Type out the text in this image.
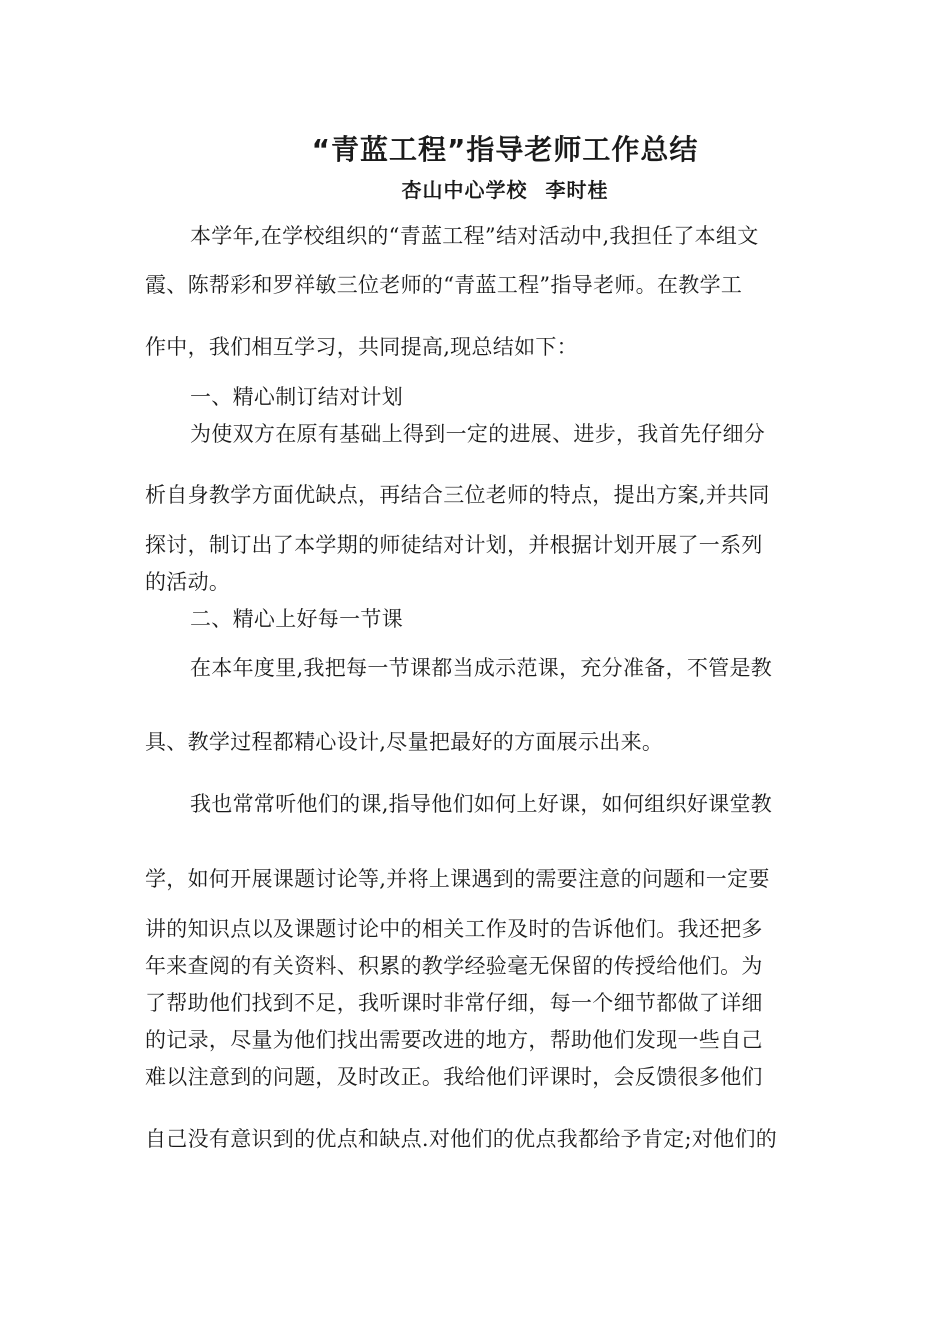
“青蓝工程”指导老师工作总结
杏山中心学校 李时桂
本学年,在学校组织的“青蓝工程”结对活动中,我担任了本组文
霞、陈帮彩和罗祥敏三位老师的“青蓝工程”指导老师。在教学工
作中，我们相互学习，共同提高,现总结如下：
一、精心制订结对计划
为使双方在原有基础上得到一定的进展、进步，我首先仔细分
析自身教学方面优缺点，再结合三位老师的特点，提出方案,并共同
探讨，制订出了本学期的师徒结对计划，并根据计划开展了一系列
的活动。
二、精心上好每一节课
在本年度里,我把每一节课都当成示范课，充分准备，不管是教
具、教学过程都精心设计,尽量把最好的方面展示出来。
我也常常听他们的课,指导他们如何上好课，如何组织好课堂教
学，如何开展课题讨论等,并将上课遇到的需要注意的问题和一定要
讲的知识点以及课题讨论中的相关工作及时的告诉他们。我还把多
年来查阅的有关资料、积累的教学经验毫无保留的传授给他们。为
了帮助他们找到不足，我听课时非常仔细，每一个细节都做了详细
的记录，尽量为他们找出需要改进的地方，帮助他们发现一些自己
难以注意到的问题，及时改正。我给他们评课时，会反馈很多他们
自己没有意识到的优点和缺点.对他们的优点我都给予肯定;对他们的
